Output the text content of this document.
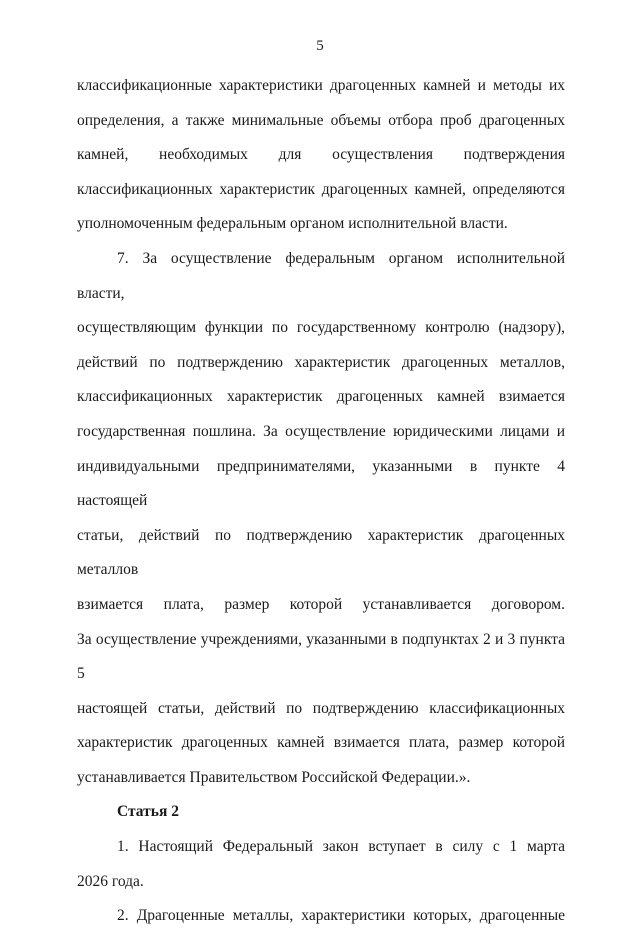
5

классификационные характеристики драгоценных камней и методы их
определения, а также минимальные объемы отбора проб драгоценных
камней, необходимых для осуществления подтверждения
классификационных характеристик драгоценных камней, определяются
уполномоченным федеральным органом исполнительной власти.

7. За осуществление федеральным органом исполнительной власти,
осуществляющим функции по государственному контролю (надзору),
действий по подтверждению характеристик драгоценных металлов,
классификационных характеристик драгоценных камней взимается
государственная пошлина. За осуществление юридическими лицами и
индивидуальными предпринимателями, указанными в пункте 4 настоящей
статьи, действий по подтверждению характеристик драгоценных металлов
взимается плата, размер которой устанавливается договором.
За осуществление учреждениями, указанными в подпунктах 2 и 3 пункта 5
настоящей статьи, действий по подтверждению классификационных
характеристик драгоценных камней взимается плата, размер которой
устанавливается Правительством Российской Федерации.».

Статья 2

1. Настоящий Федеральный закон вступает в силу с 1 марта
2026 года.

2. Драгоценные металлы, характеристики которых, драгоценные
